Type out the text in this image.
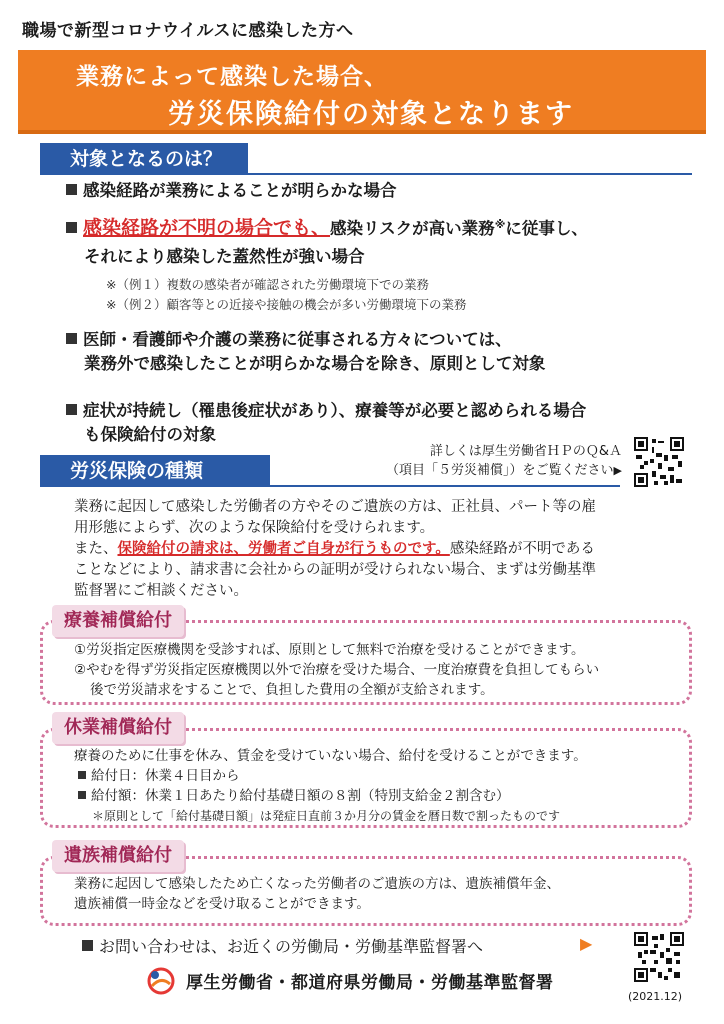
職場で新型コロナウイルスに感染した方へ
業務によって感染した場合、
労災保険給付の対象となります
対象となるのは？
感染経路が業務によることが明らかな場合
感染経路が不明の場合でも、感染リスクが高い業務※に従事し、
それにより感染した蓋然性が強い場合
※（例１）複数の感染者が確認された労働環境下での業務
※（例２）顧客等との近接や接触の機会が多い労働環境下の業務
医師・看護師や介護の業務に従事される方々については、
業務外で感染したことが明らかな場合を除き、原則として対象
症状が持続し（罹患後症状があり）、療養等が必要と認められる場合
も保険給付の対象
詳しくは厚生労働省ＨＰのＱ&Ａ
（項目「５労災補償」）をご覧ください▶
労災保険の種類
業務に起因して感染した労働者の方やそのご遺族の方は、正社員、パート等の雇
用形態によらず、次のような保険給付を受けられます。
また、保険給付の請求は、労働者ご自身が行うものです。感染経路が不明である
ことなどにより、請求書に会社からの証明が受けられない場合、まずは労働基準
監督署にご相談ください。
療養補償給付
①労災指定医療機関を受診すれば、原則として無料で治療を受けることができます。
②やむを得ず労災指定医療機関以外で治療を受けた場合、一度治療費を負担してもらい
後で労災請求をすることで、負担した費用の全額が支給されます。
休業補償給付
療養のために仕事を休み、賃金を受けていない場合、給付を受けることができます。
給付日：休業４日目から
給付額：休業１日あたり給付基礎日額の８割（特別支給金２割含む）
＊原則として「給付基礎日額」は発症日直前３か月分の賃金を暦日数で割ったものです
遺族補償給付
業務に起因して感染したため亡くなった労働者のご遺族の方は、遺族補償年金、
遺族補償一時金などを受け取ることができます。
お問い合わせは、お近くの労働局・労働基準監督署へ	▶
厚生労働省・都道府県労働局・労働基準監督署
(2021.12)
